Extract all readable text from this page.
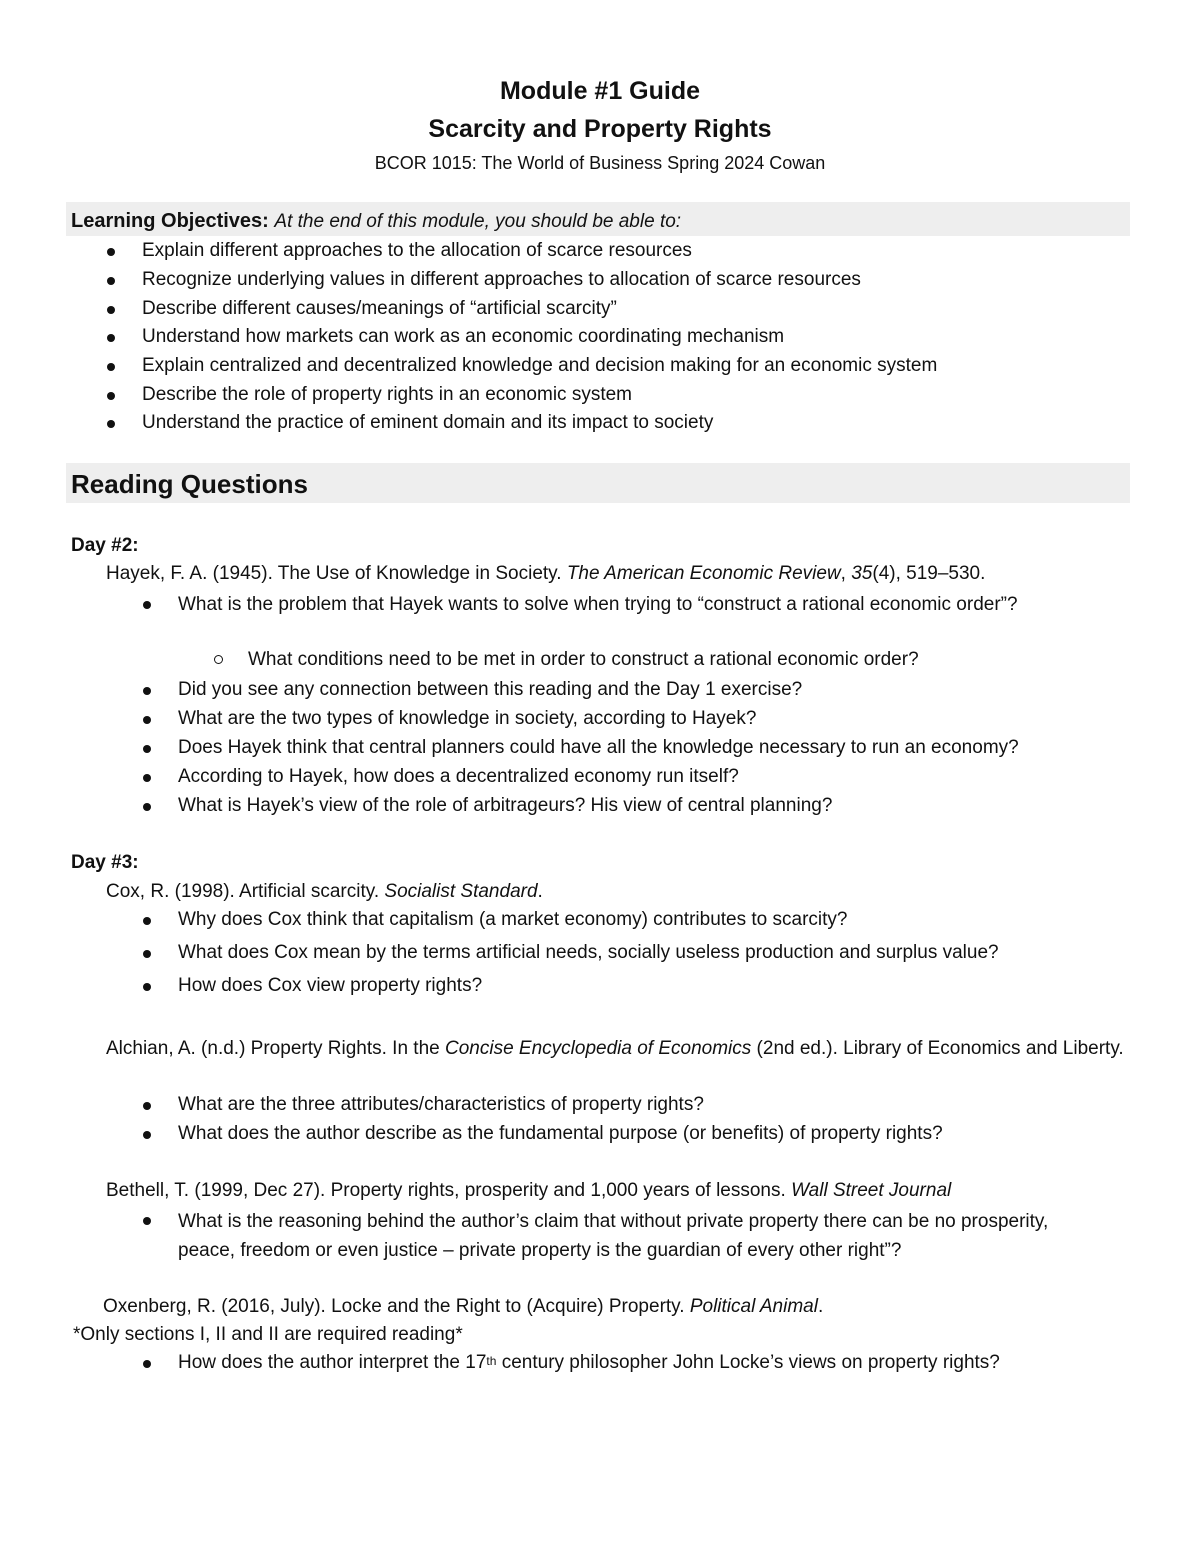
Module #1 Guide
Scarcity and Property Rights
BCOR 1015: The World of Business Spring 2024 Cowan
Learning Objectives: At the end of this module, you should be able to:
Explain different approaches to the allocation of scarce resources
Recognize underlying values in different approaches to allocation of scarce resources
Describe different causes/meanings of “artificial scarcity”
Understand how markets can work as an economic coordinating mechanism
Explain centralized and decentralized knowledge and decision making for an economic system
Describe the role of property rights in an economic system
Understand the practice of eminent domain and its impact to society
Reading Questions
Day #2:
Hayek, F. A. (1945). The Use of Knowledge in Society. The American Economic Review, 35(4), 519–530.
What is the problem that Hayek wants to solve when trying to “construct a rational economic order”?
What conditions need to be met in order to construct a rational economic order?
Did you see any connection between this reading and the Day 1 exercise?
What are the two types of knowledge in society, according to Hayek?
Does Hayek think that central planners could have all the knowledge necessary to run an economy?
According to Hayek, how does a decentralized economy run itself?
What is Hayek’s view of the role of arbitrageurs? His view of central planning?
Day #3:
Cox, R. (1998). Artificial scarcity. Socialist Standard.
Why does Cox think that capitalism (a market economy) contributes to scarcity?
What does Cox mean by the terms artificial needs, socially useless production and surplus value?
How does Cox view property rights?
Alchian, A. (n.d.) Property Rights. In the Concise Encyclopedia of Economics (2nd ed.). Library of Economics and Liberty.
What are the three attributes/characteristics of property rights?
What does the author describe as the fundamental purpose (or benefits) of property rights?
Bethell, T. (1999, Dec 27). Property rights, prosperity and 1,000 years of lessons. Wall Street Journal
What is the reasoning behind the author’s claim that without private property there can be no prosperity, peace, freedom or even justice – private property is the guardian of every other right”?
Oxenberg, R. (2016, July). Locke and the Right to (Acquire) Property. Political Animal.
*Only sections I, II and II are required reading*
How does the author interpret the 17th century philosopher John Locke’s views on property rights?
